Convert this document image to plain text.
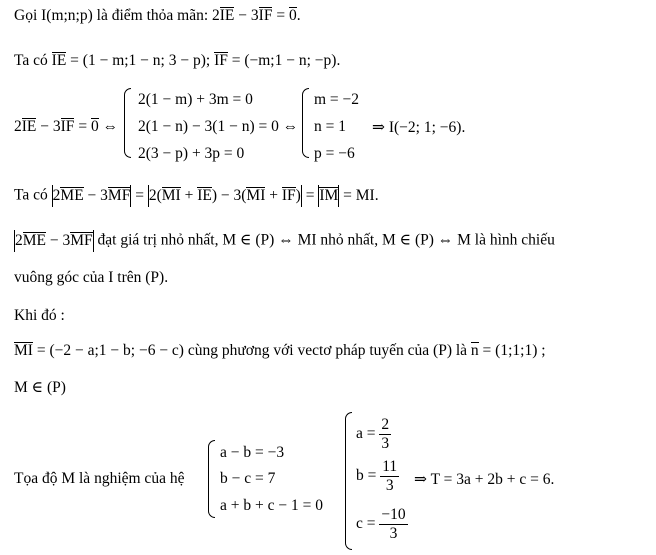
Gọi I(m;n;p) là điểm thỏa mãn: 2IE − 3IF = 0.
Ta có IE = (1 − m;1 − n; 3 − p); IF = (−m;1 − n; −p).
2IE − 3IF = 0 ⇔
2(1 − m) + 3m = 0
2(1 − n) − 3(1 − n) = 0 ⇔
2(3 − p) + 3p = 0
m = −2
n = 1
p = −6
⇒ I(−2; 1; −6).
Ta có 2ME − 3MF = 2(MI + IE) − 3(MI + IF) = IM = MI.
2ME − 3MF đạt giá trị nhỏ nhất, M ∈ (P) ⇔ MI nhỏ nhất, M ∈ (P) ⇔ M là hình chiếu
vuông góc của I trên (P).
Khi đó :
MI = (−2 − a;1 − b; −6 − c) cùng phương với vectơ pháp tuyến của (P) là n = (1;1;1) ;
M ∈ (P)
Tọa độ M là nghiệm của hệ
a − b = −3
b − c = 7
a + b + c − 1 = 0
$a = \frac{2}{3}$
$b = \frac{11}{3}$
$c = \frac{-10}{3}$
⇒ T = 3a + 2b + c = 6.
